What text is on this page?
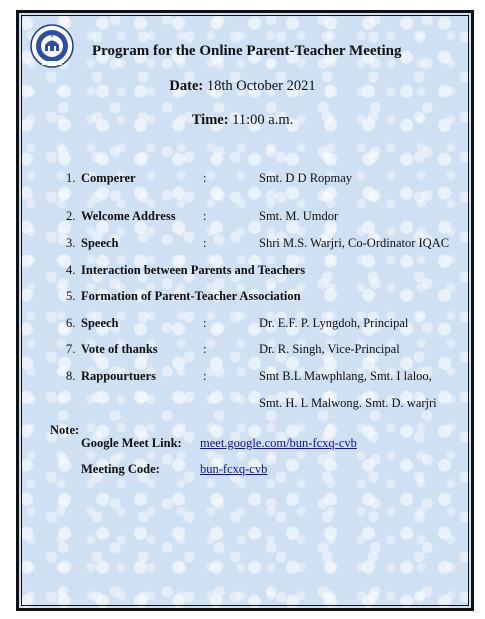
Program for the Online Parent-Teacher Meeting
Date: 18th October 2021
Time: 11:00 a.m.
1. Comperer	:	Smt. D D Ropmay
2. Welcome Address :	Smt. M. Umdor
3. Speech	:	Shri M.S. Warjri, Co-Ordinator IQAC
4. Interaction between Parents and Teachers
5. Formation of Parent-Teacher Association
6. Speech	:	Dr. E.F. P. Lyngdoh, Principal
7. Vote of thanks	:	Dr. R. Singh, Vice-Principal
8. Rappourtuers	:	Smt B.L Mawphlang, Smt. I laloo,
Smt. H. L Malwong. Smt. D. warjri
Note:
Google Meet Link: meet.google.com/bun-fcxq-cvb
Meeting Code:	bun-fcxq-cvb
